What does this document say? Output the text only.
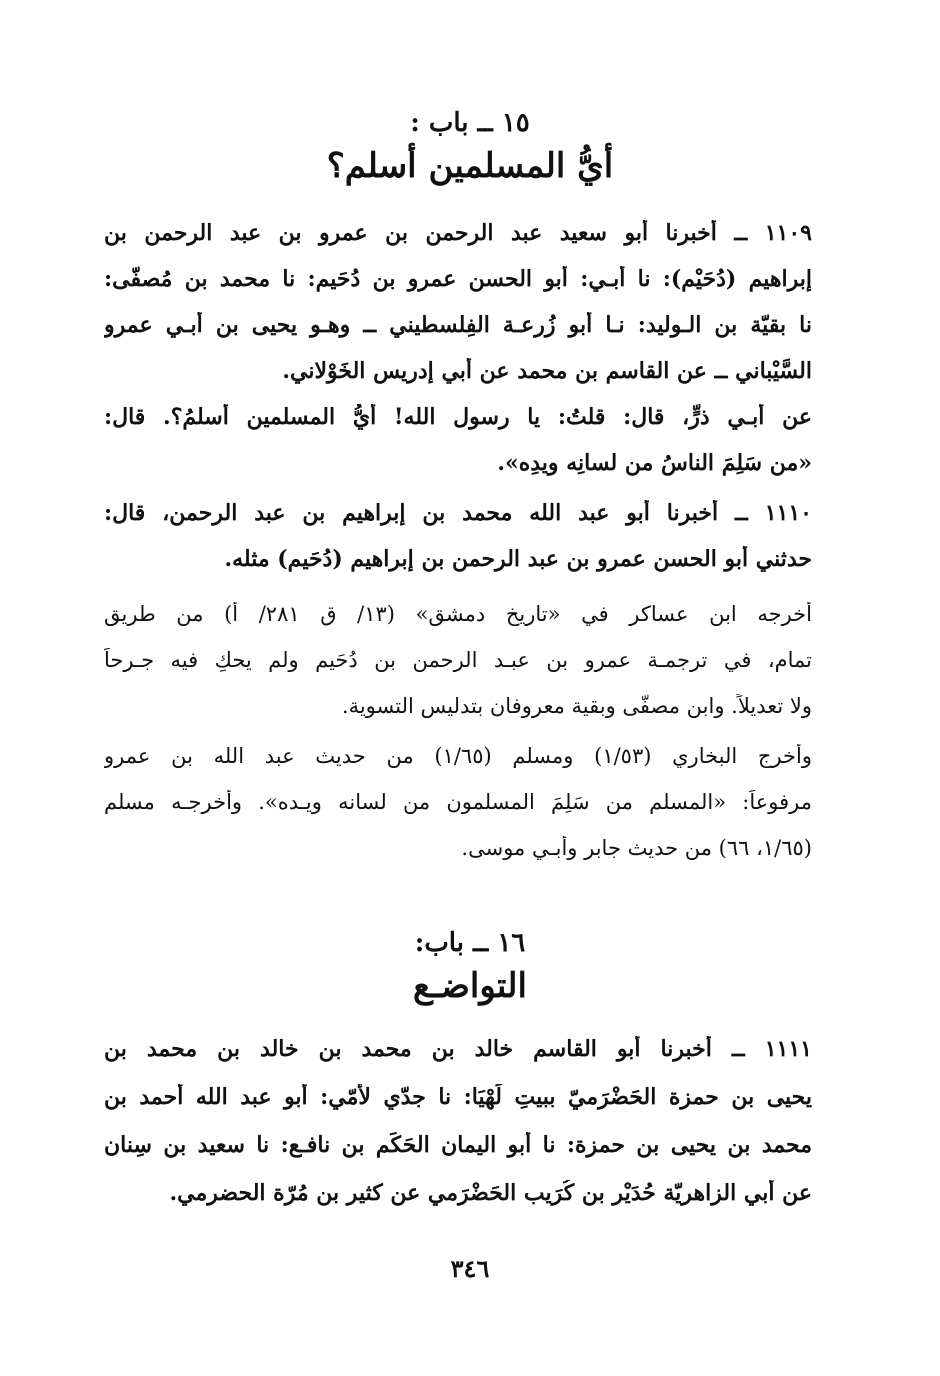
١٥ ــ باب :
أيُّ المسلمين أسلم؟
١١٠٩ ــ أخبرنا أبو سعيد عبد الرحمن بن عمرو بن عبد الرحمن بن
إبراهيم (دُحَيْم): نا أبـي: أبو الحسن عمرو بن دُحَيم: نا محمد بن مُصفّى:
نا بقيّة بن الـوليد: نـا أبو زُرعـة الفِلسطيني ــ وهـو يحيى بن أبـي عمرو
السَّيْباني ــ عن القاسم بن محمد عن أبي إدريس الخَوْلاني.
عن أبـي ذرٍّ، قال: قلتُ: يا رسول الله! أيُّ المسلمين أسلمُ؟. قال:
«من سَلِمَ الناسُ من لسانِه ويدِه».
١١١٠ ــ أخبرنا أبو عبد الله محمد بن إبراهيم بن عبد الرحمن، قال:
حدثني أبو الحسن عمرو بن عبد الرحمن بن إبراهيم (دُحَيم) مثله.
أخرجه ابن عساكر في «تاريخ دمشق» (١٣/ ق ٢٨١/ أ) من طريق
تمام، في ترجمـة عمرو بن عبـد الرحمن بن دُحَيم ولم يحكِ فيه جـرحاً
ولا تعديلاً. وابن مصفّى وبقية معروفان بتدليس التسوية.
وأخرج البخاري (١/٥٣) ومسلم (١/٦٥) من حديث عبد الله بن عمرو
مرفوعاً: «المسلم من سَلِمَ المسلمون من لسانه ويـده». وأخرجـه مسلم
(١/٦٥، ٦٦) من حديث جابر وأبـي موسى.
١٦ ــ باب:
التواضـع
١١١١ ــ أخبرنا أبو القاسم خالد بن محمد بن خالد بن محمد بن
يحيى بن حمزة الحَضْرَميّ ببيتِ لَهْيَا: نا جدّي لأمّي: أبو عبد الله أحمد بن
محمد بن يحيى بن حمزة: نا أبو اليمان الحَكَم بن نافـع: نا سعيد بن سِنان
عن أبي الزاهريّة حُدَيْر بن كُرَيب الحَضْرَمي عن كثير بن مُرّة الحضرمي.
٣٤٦
